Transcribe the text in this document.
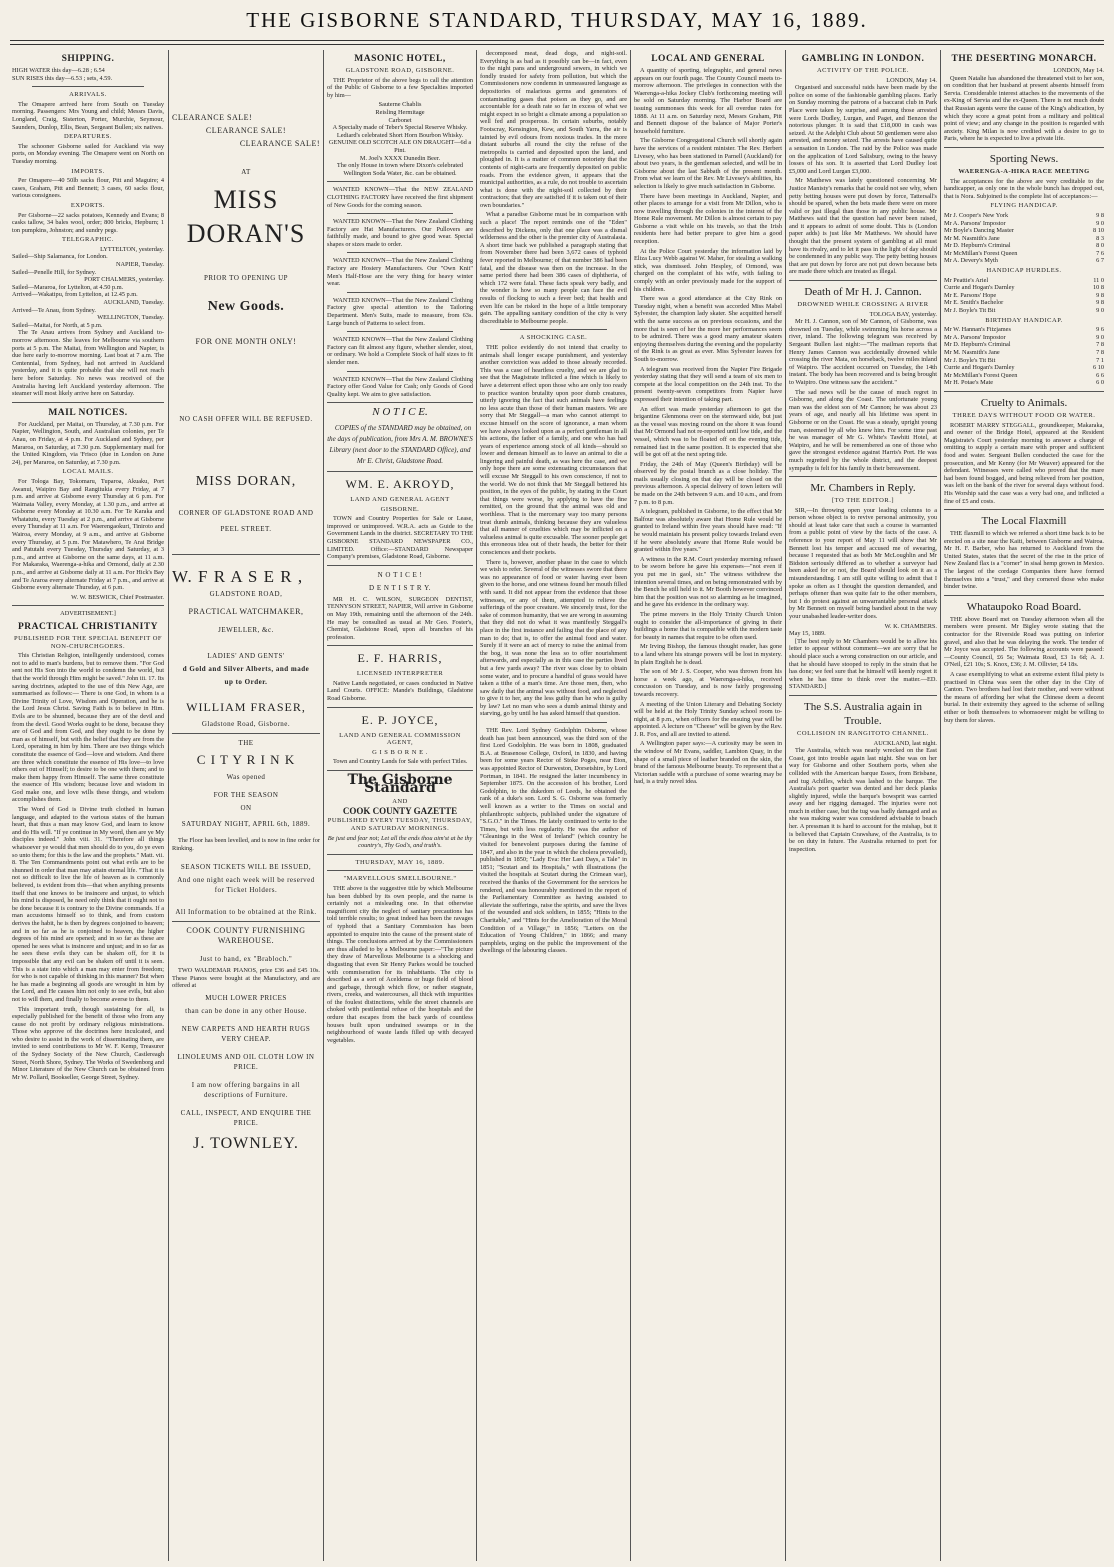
THE GISBORNE STANDARD, THURSDAY, MAY 16, 1889.
SHIPPING.
HIGH WATER this day—6.28 ; 6.54
SUN RISES this day—6.53 ; sets, 4.59.
ARRIVALS.
The Omapere arrived here from South on Tuesday morning. Passengers: Mrs Young and child; Messrs Davis, Longland, Craig, Sisterton, Porter, Murchie, Seymour, Saunders, Dunlop, Ellis, Bean, Sergeant Bullen; six natives.
DEPARTURES.
The schooner Gisborne sailed for Auckland via way ports, on Monday evening. The Omapere went on North on Tuesday morning.
IMPORTS.
Per Omapere—40 50lb sacks flour, Pitt and Maguire; 4 cases, Graham, Pitt and Bennett; 3 cases, 60 sacks flour, various consignees.
EXPORTS.
Per Gisborne—22 sacks potatoes, Kennedy and Evans; 8 casks tallow, 34 bales wool, order; 800 bricks, Hepburn; 1 ton pumpkins, Johnston; and sundry pegs.
TELEGRAPHIC.
LYTTELTON, yesterday.
Sailed—Ship Salamanca, for London.
NAPIER, Tuesday.
Sailed—Penelle Hill, for Sydney.
PORT CHALMERS, yesterday.
Sailed—Mararoa, for Lyttelton, at 4.50 p.m.
Arrived—Wakatipu, from Lyttelton, at 12.45 p.m.
AUCKLAND, Tuesday.
Arrived—Te Anau, from Sydney.
WELLINGTON, Tuesday.
Sailed—Maitai, for North, at 5 p.m.
The Te Anau arrives from Sydney and Auckland to-morrow afternoon. She leaves for Melbourne via southern ports at 5 p.m. The Maitai, from Wellington and Napier, is due here early to-morrow morning. Last boat at 7 a.m. The Centennial, from Sydney, had not arrived in Auckland yesterday, and it is quite probable that she will not reach here before Saturday. No news was received of the Australia having left Auckland yesterday afternoon. The steamer will most likely arrive here on Saturday.
MAIL NOTICES.
For Auckland, per Maitai, on Thursday, at 7.30 p.m. For Napier, Wellington, South, and Australian colonies, per Te Anau, on Friday, at 4 p.m. For Auckland and Sydney, per Mararoa, on Saturday, at 7.30 p.m. Supplementary mail for the United Kingdom, via 'Frisco (due in London on June 24), per Mararoa, on Saturday, at 7.30 p.m.
LOCAL MAILS.
For Tologa Bay, Tokomaru, Tuparoa, Akuaku, Port Awanui, Waipiro Bay and Rangitukia every Friday, at 7 p.m. and arrive at Gisborne every Thursday at 6 p.m. For Waimata Valley, every Monday, at 1.30 p.m., and arrive at Gisborne every Monday at 10.30 a.m. For Te Karaka and Whatatutu, every Tuesday at 2 p.m., and arrive at Gisborne every Thursday at 11 a.m. For Waerengaokuri, Tiniroto and Wairoa, every Monday, at 9 a.m., and arrive at Gisborne every Thursday, at 5 p.m. For Matawhero, Te Arai Bridge and Patutahi every Tuesday, Thursday and Saturday, at 3 p.m., and arrive at Gisborne on the same days, at 11 a.m. For Makaraka, Waerenga-a-hika and Ormond, daily at 2.30 p.m., and arrive at Gisborne daily at 11 a.m. For Hick's Bay and Te Araroa every alternate Friday at 7 p.m., and arrive at Gisborne every alternate Thursday, at 6 p.m.
W. W. BESWICK, Chief Postmaster.
ADVERTISEMENT.]
PRACTICAL CHRISTIANITY
PUBLISHED FOR THE SPECIAL BENEFIT OF NON-CHURCHGOERS.
This Christian Religion, intelligently understood, comes not to add to man's burdens, but to remove them. "For God sent not His Son into the world to condemn the world, but that the world through Him might be saved." John iii. 17. Its saving doctrines, adapted to the use of this New Age, are summarised as follows:— There is one God, in whom is a Divine Trinity of Love, Wisdom and Operation, and he is the Lord Jesus Christ. Saving Faith is to believe in Him. Evils are to be shunned, because they are of the devil and from the devil. Good Works ought to be done, because they are of God and from God, and they ought to be done by man as of himself, but with the belief that they are from the Lord, operating in him by him. There are two things which constitute the essence of God—love and wisdom. And there are three which constitute the essence of His love—to love others out of Himself; to desire to be one with them; and to make them happy from Himself. The same three constitute the essence of His wisdom; because love and wisdom in God make one, and love wills these things, and wisdom accomplishes them.
The Word of God is Divine truth clothed in human language, and adapted to the various states of the human heart, that thus a man may know God, and learn to know and do His will. "If ye continue in My word, then are ye My disciples indeed." John viii. 31. "Therefore all things whatsoever ye would that men should do to you, do ye even so unto them; for this is the law and the prophets." Matt. vii. 8. The Ten Commandments point out what evils are to be shunned in order that man may attain eternal life. "That it is not so difficult to live the life of heaven as is commonly believed, is evident from this—that when anything presents itself that one knows to be insincere and unjust, to which his mind is disposed, he need only think that it ought not to be done because it is contrary to the Divine commands. If a man accustoms himself so to think, and from custom derives the habit, he is then by degrees conjoined to heaven; and in so far as he is conjoined to heaven, the higher degrees of his mind are opened; and in so far as these are opened he sees what is insincere and unjust; and in so far as he sees these evils they can be shaken off, for it is impossible that any evil can be shaken off until it is seen. This is a state into which a man may enter from freedom; for who is not capable of thinking in this manner? But when he has made a beginning all goods are wrought in him by the Lord, and He causes him not only to see evils, but also not to will them, and finally to become averse to them.
This important truth, though sustaining for all, is especially published for the benefit of those who from any cause do not profit by ordinary religious ministrations. Those who approve of the doctrines here inculcated, and who desire to assist in the work of disseminating them, are invited to send contributions to Mr W. F. Kemp, Treasurer of the Sydney Society of the New Church, Castlereagh Street, North Shore, Sydney. The Works of Swedenborg and Minor Literature of the New Church can be obtained from Mr W. Pollard, Bookseller, George Street, Sydney.
CLEARANCE SALE!
CLEARANCE SALE!
CLEARANCE SALE!
AT
MISS DORAN'S
PRIOR TO OPENING UP
New Goods.
FOR ONE MONTH ONLY!
NO CASH OFFER WILL BE REFUSED.
MISS DORAN,
CORNER OF GLADSTONE ROAD AND
PEEL STREET.
W. F R A S E R ,
GLADSTONE ROAD,
PRACTICAL WATCHMAKER,
JEWELLER, &c.
LADIES' AND GENTS'
d Gold and Silver Alberts, and made
up to Order.
WILLIAM FRASER,
Gladstone Road, Gisborne.
THE
C I T Y R I N K
Was opened
FOR THE SEASON
ON
SATURDAY NIGHT, APRIL 6th, 1889.
The Floor has been levelled, and is now in fine order for Rinking.
SEASON TICKETS WILL BE ISSUED,
And one night each week will be reserved for Ticket Holders.
All Information to be obtained at the Rink.
COOK COUNTY FURNISHING WAREHOUSE.
Just to hand, ex "Brabloch."
TWO WALDEMAR PIANOS, price £36 and £45 10s. These Pianos were bought at the Manufactory, and are offered at
MUCH LOWER PRICES
than can be done in any other House.
NEW CARPETS AND HEARTH RUGS VERY CHEAP.
LINOLEUMS AND OIL CLOTH LOW IN PRICE.
I am now offering bargains in all descriptions of Furniture.
CALL, INSPECT, AND ENQUIRE THE PRICE.
J. TOWNLEY.
MASONIC HOTEL,
GLADSTONE ROAD, GISBORNE.
THE Proprietor of the above begs to call the attention of the Public of Gisborne to a few Specialties imported by him—
Sauterne Chablis
Reisling Hermitage
Carbonet
A Specialty made of Teber's Special Reserve Whisky.
Lediard's celebrated Short Horn Bourbon Whisky.
GENUINE OLD SCOTCH ALE ON DRAUGHT—6d a Pint.
M. Joel's XXXX Dunedin Beer.
The only House in town where Dixon's celebrated Wellington Soda Water, &c. can be obtained.
WANTED KNOWN—That the NEW ZEALAND CLOTHING FACTORY have received the first shipment of New Goods for the coming season.
WANTED KNOWN—That the New Zealand Clothing Factory are Hat Manufacturers. Our Pullovers are faithfully made, and bound to give good wear. Special shapes or sizes made to order.
WANTED KNOWN—That the New Zealand Clothing Factory are Hosiery Manufacturers. Our "Own Knit" Men's Half-Hose are the very thing for heavy winter wear.
WANTED KNOWN—That the New Zealand Clothing Factory give special attention to the Tailoring Department. Men's Suits, made to measure, from 63s. Large bunch of Patterns to select from.
WANTED KNOWN—That the New Zealand Clothing Factory can fit almost any figure, whether slender, stout, or ordinary. We hold a Complete Stock of half sizes to fit slender men.
WANTED KNOWN—That the New Zealand Clothing Factory offer Good Value for Cash; only Goods of Good Quality kept. We aim to give satisfaction.
N O T I C E.
COPIES of the STANDARD may be obtained, on the days of publication, from Mrs A. M. BROWNE'S Library (next door to the STANDARD Office), and Mr E. Christ, Gladstone Road.
WM. E. AKROYD,
LAND AND GENERAL AGENT
GISBORNE.
TOWN and Country Properties for Sale or Lease, improved or unimproved. W.R.A. acts as Guide to the Government Lands in the district. SECRETARY TO THE GISBORNE STANDARD NEWSPAPER CO., LIMITED. Office:—STANDARD Newspaper Company's premises, Gladstone Road, Gisborne.
N O T I C E !
D E N T I S T R Y.
MR H. C. WILSON, SURGEON DENTIST, TENNYSON STREET, NAPIER, Will arrive in Gisborne on May 19th, remaining until the afternoon of the 24th. He may be consulted as usual at Mr Geo. Foster's, Chemist, Gladstone Road, upon all branches of his profession.
E. F. HARRIS,
LICENSED INTERPRETER
Native Lands negotiated, or cases conducted in Native Land Courts. OFFICE: Mande's Buildings, Gladstone Road Gisborne.
E. P. JOYCE,
LAND AND GENERAL COMMISSION AGENT,
G I S B O R N E .
Town and Country Lands for Sale with perfect Titles.
The Gisborne Standard
AND
COOK COUNTY GAZETTE
PUBLISHED EVERY TUESDAY, THURSDAY, AND SATURDAY MORNINGS.
Be just and fear not; Let all the ends thou aim'st at be thy country's, Thy God's, and truth's.
THURSDAY, MAY 16, 1889.
"MARVELLOUS SMELLBOURNE."
THE above is the suggestive title by which Melbourne has been dubbed by its own people, and the name is certainly not a misleading one. In that otherwise magnificent city the neglect of sanitary precautions has told terrible results; to great indeed has been the ravages of typhoid that a Sanitary Commission has been appointed to enquire into the cause of the present state of things. The conclusions arrived at by the Commissioners are thus alluded to by a Melbourne paper:—"The picture they draw of Marvellous Melbourne is a shocking and disgusting that even Sir Henry Parkes would be touched with commiseration for its inhabitants. The city is described as a sort of Aceldema or huge field of blood and garbage, through which flow, or rather stagnate, rivers, creeks, and watercourses, all thick with impurities of the foulest distinctions, while the street channels are choked with pestilential refuse of the hospitals and the ordure that escapes from the back yards of countless houses built upon undrained swamps or in the neighbourhood of waste lands filled up with decayed vegetables.
decomposed meat, dead dogs, and night-soil. Everything is as bad as it possibly can be—in fact, even to the night pans and underground sewers, in which we fondly trusted for safety from pollution, but which the Commissioners now condemn in unmeasured language as depositories of malarious germs and generators of contaminating gases that poison as they go, and are accountable for a death rate so far in excess of what we might expect in so bright a climate among a population so well fed and prosperous. In certain suburbs, notably Footscray, Kensington, Kew, and South Yarra, the air is tainted by evil odours from noxious trades. In the more distant suburbs all round the city the refuse of the metropolis is carried and deposited upon the land, and ploughed in. It is a matter of common notoriety that the contents of night-carts are frequently deposited on public roads. From the evidence given, it appears that the municipal authorities, as a rule, do not trouble to ascertain what is done with the night-soil collected by their contractors; that they are satisfied if it is taken out of their own boundaries."
What a paradise Gisborne must be in comparison with such a place! The report reminds one of the "Eden" described by Dickens, only that one place was a dismal wilderness and the other is the premier city of Australasia. A short time back we published a paragraph stating that from November there had been 3,672 cases of typhoid fever reported in Melbourne; of that number 386 had been fatal, and the disease was then on the increase. In the same period there had been 386 cases of diphtheria, of which 172 were fatal. These facts speak very badly, and the wonder is how so many people can face the evil results of flocking to such a fever bed; that health and even life can be risked in the hope of a little temporary gain. The appalling sanitary condition of the city is very discreditable to Melbourne people.
A SHOCKING CASE.
THE police evidently do not intend that cruelty to animals shall longer escape punishment, and yesterday another conviction was added to those already recorded. This was a case of heartless cruelty, and we are glad to see that the Magistrate inflicted a fine which is likely to have a deterrent effect upon those who are only too ready to practice wanton brutality upon poor dumb creatures, utterly ignoring the fact that such animals have feelings no less acute than those of their human masters. We are sorry that Mr Steggall—a man who cannot attempt to excuse himself on the score of ignorance, a man whom we have always looked upon as a perfect gentleman in all his actions, the father of a family, and one who has had years of experience among stock of all kinds—should so lower and demean himself as to leave an animal to die a lingering and painful death, as was here the case, and we only hope there are some extenuating circumstances that will excuse Mr Steggall to his own conscience, if not to the world. We do not think that Mr Steggall bettered his position, in the eyes of the public, by stating in the Court that things were worse, by applying to have the fine remitted, on the ground that the animal was old and worthless. That is the mercenary way too many persons treat dumb animals, thinking because they are valueless that all manner of cruelties which may be inflicted on a valueless animal is quite excusable. The sooner people get this erroneous idea out of their heads, the better for their consciences and their pockets.
There is, however, another phase in the case to which we wish to refer. Several of the witnesses swore that there was no appearance of food or water having ever been given to the horse, and one witness found her mouth filled with sand. It did not appear from the evidence that those witnesses, or any of them, attempted to relieve the sufferings of the poor creature. We sincerely trust, for the sake of common humanity, that we are wrong in assuming that they did not do what it was manifestly Steggall's place in the first instance and failing that the place of any man to do; that is, to offer the animal food and water. Surely if it were an act of mercy to raise the animal from the bog, it was none the less so to offer nourishment afterwards, and especially as in this case the parties lived but a few yards away? The river was close by to obtain some water, and to procure a handful of grass would have taken a tithe of a man's time. Are those men, then, who saw daily that the animal was without food, and neglected to give it to her, any the less guilty than he who is guilty by law? Let no man who sees a dumb animal thirsty and starving, go by until he has asked himself that question.
THE Rev. Lord Sydney Godolphin Osborne, whose death has just been announced, was the third son of the first Lord Godolphin. He was born in 1808, graduated B.A. at Brasenose College, Oxford, in 1830, and having been for some years Rector of Stoke Poges, near Eton, was appointed Rector of Durweston, Dorsetshire, by Lord Portman, in 1841. He resigned the latter incumbency in September 1875. On the accession of his brother, Lord Godolphin, to the dukedom of Leeds, he obtained the rank of a duke's son. Lord S. G. Osborne was formerly well known as a writer to the Times on social and philanthropic subjects, published under the signature of "S.G.O." in the Times. He lately continued to write to the Times, but with less regularity. He was the author of "Gleanings in the West of Ireland" (which country he visited for benevolent purposes during the famine of 1847, and also in the year in which the cholera prevailed), published in 1850; "Lady Eva: Her Last Days, a Tale" in 1851; "Scutari and its Hospitals," with illustrations (he visited the hospitals at Scutari during the Crimean war), received the thanks of the Government for the services he rendered, and was honourably mentioned in the report of the Parliamentary Committee as having assisted to alleviate the sufferings, raise the spirits, and save the lives of the wounded and sick soldiers, in 1855; "Hints to the Charitable," and "Hints for the Amelioration of the Moral Condition of a Village," in 1856; "Letters on the Education of Young Children," in 1866; and many pamphlets, urging on the public the improvement of the dwellings of the labouring classes.
LOCAL AND GENERAL
A quantity of sporting, telegraphic, and general news appears on our fourth page. The County Council meets to-morrow afternoon. The privileges in connection with the Waerenga-a-hika Jockey Club's forthcoming meeting will be sold on Saturday morning. The Harbor Board are issuing summonses this week for all overdue rates for 1888. At 11 a.m. on Saturday next, Messrs Graham, Pitt and Bennett dispose of the balance of Major Porter's household furniture.
The Gisborne Congregational Church will shortly again have the services of a resident minister. The Rev. Herbert Livesey, who has been stationed in Parnell (Auckland) for about two years, is the gentleman selected, and will be in Gisborne about the last Sabbath of the present month. From what we learn of the Rev. Mr Livesey's abilities, his selection is likely to give much satisfaction in Gisborne.
There have been meetings in Auckland, Napier, and other places to arrange for a visit from Mr Dillon, who is now travelling through the colonies in the interest of the Home Rule movement. Mr Dillon is almost certain to pay Gisborne a visit while on his travels, so that the Irish residents here had better prepare to give him a good reception.
At the Police Court yesterday the information laid by Eliza Lucy Webb against W. Maher, for stealing a walking stick, was dismissed. John Hespley, of Ormond, was charged on the complaint of his wife, with failing to comply with an order previously made for the support of his children.
There was a good attendance at the City Rink on Tuesday night, when a benefit was accorded Miss Mabel Sylvester, the champion lady skater. She acquitted herself with the same success as on previous occasions, and the more that is seen of her the more her performances seem to be admired. There was a good many amateur skaters enjoying themselves during the evening and the popularity of the Rink is as great as ever. Miss Sylvester leaves for South to-morrow.
A telegram was received from the Napier Fire Brigade yesterday stating that they will send a team of six men to compete at the local competition on the 24th inst. To the present twenty-seven competitors from Napier have expressed their intention of taking part.
An effort was made yesterday afternoon to get the brigantine Glenmona over on the sternward side, but just as the vessel was moving round on the shore it was found that Mr Ormond had not re-reported until low tide, and the vessel, which was to be floated off on the evening tide, remained fast in the same position. It is expected that she will be got off at the next spring tide.
Friday, the 24th of May (Queen's Birthday) will be observed by the postal branch as a close holiday. The mails usually closing on that day will be closed on the previous afternoon. A special delivery of town letters will be made on the 24th between 9 a.m. and 10 a.m., and from 7 p.m. to 8 p.m.
A telegram, published in Gisborne, to the effect that Mr Balfour was absolutely aware that Home Rule would be granted to Ireland within five years should have read: "If he would maintain his present policy towards Ireland even if he were absolutely aware that Home Rule would be granted within five years."
A witness in the R.M. Court yesterday morning refused to be sworn before he gave his expenses—"not even if you put me in gaol, sir." The witness withdrew the intention several times, and on being remonstrated with by the Bench he still held to it. Mr Booth however convinced him that the position was not so alarming as he imagined, and he gave his evidence in the ordinary way.
The prime movers in the Holy Trinity Church Union ought to consider the all-importance of giving in their buildings a home that is compatible with the modern taste for beauty in names that require to be often used.
Mr Irving Bishop, the famous thought reader, has gone to a land where his strange powers will be lost in mystery. In plain English he is dead.
The son of Mr J. S. Cooper, who was thrown from his horse a week ago, at Waerenga-a-hika, received concussion on Tuesday, and is now fairly progressing towards recovery.
A meeting of the Union Literary and Debating Society will be held at the Holy Trinity Sunday school room to-night, at 8 p.m., when officers for the ensuing year will be appointed. A lecture on "Cheese" will be given by the Rev. J. R. Fox, and all are invited to attend.
A Wellington paper says:—A curiosity may be seen in the window of Mr Evans, saddler, Lambton Quay, in the shape of a small piece of leather branded on the skin, the brand of the famous Melbourne beauty. To represent that a Victorian saddle with a purchase of some wearing may be had, is a truly novel idea.
GAMBLING IN LONDON.
ACTIVITY OF THE POLICE.
LONDON, May 14.
Organised and successful raids have been made by the police on some of the fashionable gambling places. Early on Sunday morning the patrons of a baccarat club in Park Place were taken by surprise, and among those arrested were Lords Dudley, Lurgan, and Paget, and Benzon the notorious plunger. It is said that £18,000 in cash was seized. At the Adelphi Club about 50 gentlemen were also arrested, and money seized. The arrests have caused quite a sensation in London. The raid by the Police was made on the application of Lord Salisbury, owing to the heavy losses of his son. It is asserted that Lord Dudley lost £5,000 and Lord Lurgan £3,000.
Mr Matthews was lately questioned concerning Mr Justice Manisty's remarks that he could not see why, when petty betting houses were put down by force, Tattersall's should be spared, when the bets made there were on more valid or just illegal than those in any public house. Mr Matthews said that the question had never been raised, and it appears to admit of some doubt. This is (London paper adds) is just like Mr Matthews. We should have thought that the present system of gambling at all must have its rivalry, and to let it pass in the light of day should be condemned in any public way. The petty betting houses that are put down by force are not put down because bets are made there which are treated as illegal.
Death of Mr H. J. Cannon.
DROWNED WHILE CROSSING A RIVER
TOLOGA BAY, yesterday.
Mr H. J. Cannon, son of Mr Cannon, of Gisborne, was drowned on Tuesday, while swimming his horse across a river, inland. The following telegram was received by Sergeant Bullen last night:—"The mailman reports that Henry James Cannon was accidentally drowned while crossing the river Mata, on horseback, twelve miles inland of Waipiro. The accident occurred on Tuesday, the 14th instant. The body has been recovered and is being brought to Waipiro. One witness saw the accident."
The sad news will be the cause of much regret in Gisborne, and along the Coast. The unfortunate young man was the eldest son of Mr Cannon; he was about 23 years of age, and nearly all his lifetime was spent in Gisborne or on the Coast. He was a steady, upright young man, esteemed by all who knew him. For some time past he was manager of Mr G. White's Tawhiti Hotel, at Waipiro, and he will be remembered as one of those who gave the strongest evidence against Harris's Port. He was much regretted by the whole district, and the deepest sympathy is felt for his family in their bereavement.
Mr. Chambers in Reply.
[TO THE EDITOR.]
SIR,—In throwing open your leading columns to a person whose object is to revive personal animosity, you should at least take care that such a course is warranted from a public point of view by the facts of the case. A reference to your report of May 11 will show that Mr Bennett lost his temper and accused me of swearing, because I requested that as both Mr McLoughlin and Mr Bidston seriously differed as to whether a surveyor had been asked for or not, the Board should look on it as a misunderstanding. I am still quite willing to admit that I spoke as often as I thought the question demanded, and perhaps oftener than was quite fair to the other members, but I do protest against an unwarrantable personal attack by Mr Bennett on myself being bandied about in the way your unabashed leader-writer does.
W. K. CHAMBERS.
May 15, 1889.
[The best reply to Mr Chambers would be to allow his letter to appear without comment—we are sorry that he should place such a wrong construction on our article, and that he should have stooped to reply in the strain that he has done; we feel sure that he himself will keenly regret it when he has time to think over the matter.—ED. STANDARD.]
The S.S. Australia again in Trouble.
COLLISION IN RANGITOTO CHANNEL.
AUCKLAND, last night.
The Australia, which was nearly wrecked on the East Coast, got into trouble again last night. She was on her way for Gisborne and other Southern ports, when she collided with the American barque Essex, from Brisbane, and tug Achilles, which was lashed to the barque. The Australia's port quarter was dented and her deck planks slightly injured, while the barque's bowsprit was carried away and her rigging damaged. The injuries were not much in either case, but the tug was badly damaged and as she was making water was considered advisable to beach her. A pressman it is hard to account for the mishap, but it is believed that Captain Crawshaw, of the Australia, is to be on duty in future. The Australia returned to port for inspection.
THE DESERTING MONARCH.
LONDON, May 14.
Queen Natalie has abandoned the threatened visit to her son, on condition that her husband at present absents himself from Servia. Considerable interest attaches to the movements of the ex-King of Servia and the ex-Queen. There is not much doubt that Russian agents were the cause of the King's abdication, by which they score a great point from a military and political point of view; and any change in the position is regarded with anxiety. King Milan is now credited with a desire to go to Paris, where he is expected to live a private life.
Sporting News.
WAERENGA-A-HIKA RACE MEETING
The acceptances for the above are very creditable to the handicapper, as only one in the whole bunch has dropped out, that is Nora. Subjoined is the complete list of acceptances:—
FLYING HANDICAP.
Mr J. Cooper's New York	9 8
Mr A. Parsons' Impostor	9 0
Mr Boyle's Dancing Master	8 10
Mr M. Nasmith's Jane	8 3
Mr D. Hepburn's Criminal	8 0
Mr McMillan's Forest Queen	7 6
Mr A. Devery's Myth	6 7
HANDICAP HURDLES.
Mr Peattie's Ariel	11 0
Currie and Hogan's Darnley	10 8
Mr E. Parsons' Hope	9 8
Mr E. Smith's Bachelor	9 8
Mr J. Boyle's Tit Bit	9 0
BIRTHDAY HANDICAP.
Mr W. Hannan's Fitzjames	9 6
Mr A. Parsons' Impostor	9 0
Mr D. Hepburn's Criminal	7 8
Mr M. Nasmith's Jane	7 8
Mr J. Boyle's Tit Bit	7 1
Currie and Hogan's Darnley	6 10
Mr McMillan's Forest Queen	6 6
Mr H. Potae's Mate	6 0
Cruelty to Animals.
THREE DAYS WITHOUT FOOD OR WATER.
ROBERT MARRY STEGGALL, groundkeeper, Makaraka, and owner of the Bridge Hotel, appeared at the Resident Magistrate's Court yesterday morning to answer a charge of omitting to supply a certain mare with proper and sufficient food and water. Sergeant Bullen conducted the case for the prosecution, and Mr Kenny (for Mr Weaver) appeared for the defendant. Witnesses were called who proved that the mare had been found bogged, and being relieved from her position, was left on the bank of the river for several days without food. His Worship said the case was a very bad one, and inflicted a fine of £5 and costs.
The Local Flaxmill
THE flaxmill to which we referred a short time back is to be erected on a site near the Kaiti, between Gisborne and Wairoa. Mr H. F. Barber, who has returned to Auckland from the United States, states that the secret of the rise in the price of New Zealand flax is a "corner" in sisal hemp grown in Mexico. The largest of the cordage Companies there have formed themselves into a "trust," and they cornered those who make binder twine.
Whataupoko Road Board.
THE above Board met on Tuesday afternoon when all the members were present. Mr Bigley wrote stating that the contractor for the Riverside Road was putting on inferior gravel, and also that he was delaying the work. The tender of Mr Joyce was accepted. The following accounts were passed:—County Council, £6 5s; Waimata Road, £3 1s 6d; A. J. O'Neil, £21 10s; S. Knox, £36; J. M. Ollivier, £4 18s.
A case exemplifying to what an extreme extent filial piety is practised in China was seen the other day in the City of Canton. Two brothers had lost their mother, and were without the means of affording her what the Chinese deem a decent burial. In their extremity they agreed to the scheme of selling either or both themselves to whomsoever might be willing to buy them for slaves.
